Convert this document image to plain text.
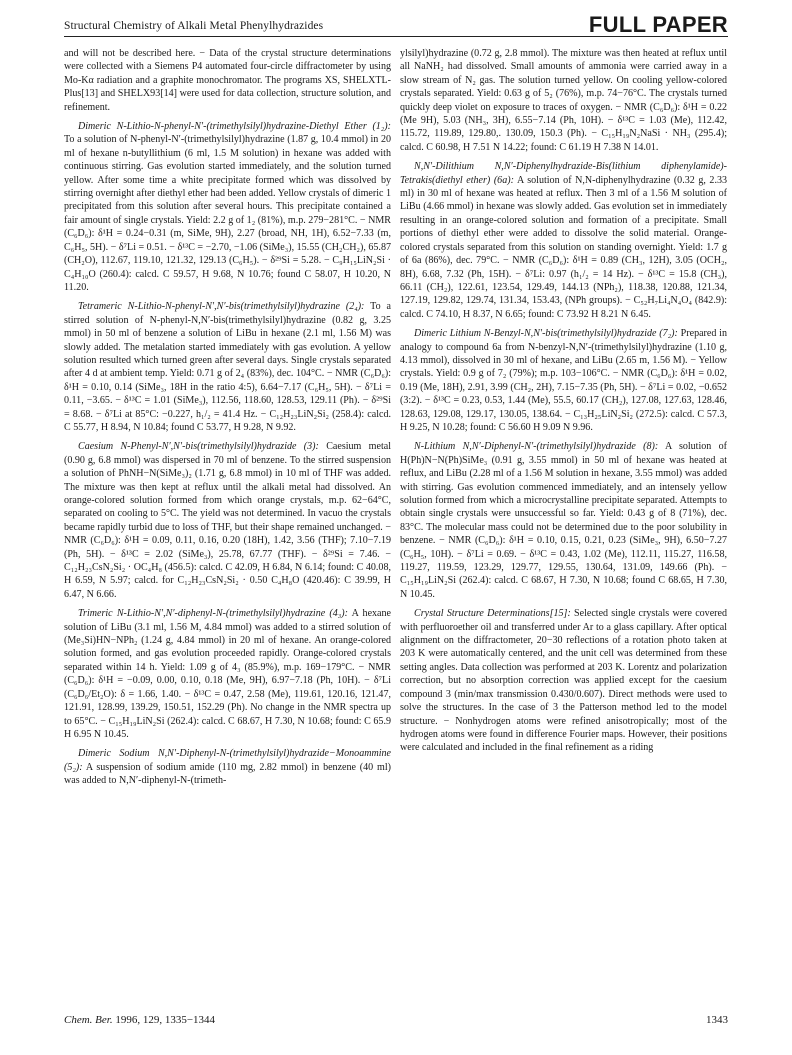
Structural Chemistry of Alkali Metal Phenylhydrazides	FULL PAPER

and will not be described here. − Data of the crystal structure determinations were collected with a Siemens P4 automated four-circle diffractometer by using Mo-Kα radiation and a graphite monochromator. The programs XS, SHELXTL-Plus[13] and SHELX93[14] were used for data collection, structure solution, and refinement.

Dimeric N-Lithio-N-phenyl-N′-(trimethylsilyl)hydrazine-Diethyl Ether (1₂): To a solution of N-phenyl-N′-(trimethylsilyl)hydrazine (1.87 g, 10.4 mmol) in 20 ml of hexane n-butyllithium (6 ml, 1.5 M solution) in hexane was added with continuous stirring. Gas evolution started immediately, and the solution turned yellow. After some time a white precipitate formed which was dissolved by stirring overnight after diethyl ether had been added. Yellow crystals of dimeric 1 precipitated from this solution after several hours. This precipitate contained a fair amount of single crystals. Yield: 2.2 g of 1₂ (81%), m.p. 279−281°C. − NMR (C₆D₆): δ¹H = 0.24−0.31 (m, SiMe, 9H), 2.27 (broad, NH, 1H), 6.52−7.33 (m, C₆H₅, 5H). − δ⁷Li = 0.51. − δ¹³C = −2.70, −1.06 (SiMe₃), 15.55 (CH₂CH₂), 65.87 (CH₂O), 112.67, 119.10, 121.32, 129.13 (C₆H₅). − δ²⁹Si = 5.28. − C₉H₁₅LiN₂Si · C₄H₁₀O (260.4): calcd. C 59.57, H 9.68, N 10.76; found C 58.07, H 10.20, N 11.20.

Tetrameric N-Lithio-N-phenyl-N′,N′-bis(trimethylsilyl)hydrazine (2₄): To a stirred solution of N-phenyl-N,N′-bis(trimethylsilyl)hydrazine (0.82 g, 3.25 mmol) in 50 ml of benzene a solution of LiBu in hexane (2.1 ml, 1.56 M) was slowly added. The metalation started immediately with gas evolution. A yellow solution resulted which turned green after several days. Single crystals separated after 4 d at ambient temp. Yield: 0.71 g of 2₄ (83%), dec. 104°C. − NMR (C₆D₆): δ¹H = 0.10, 0.14 (SiMe₃, 18H in the ratio 4:5), 6.64−7.17 (C₆H₅, 5H). − δ⁷Li = 0.11, −3.65. − δ¹³C = 1.01 (SiMe₃), 112.56, 118.60, 128.53, 129.11 (Ph). − δ²⁹Si = 8.68. − δ⁷Li at 85°C: −0.227, h₁/₂ = 41.4 Hz. − C₁₂H₂₃LiN₂Si₂ (258.4): calcd. C 55.77, H 8.94, N 10.84; found C 53.77, H 9.28, N 9.92.

Caesium N-Phenyl-N′,N′-bis(trimethylsilyl)hydrazide (3): Caesium metal (0.90 g, 6.8 mmol) was dispersed in 70 ml of benzene. To the stirred suspension a solution of PhNH−N(SiMe₃)₂ (1.71 g, 6.8 mmol) in 10 ml of THF was added. The mixture was then kept at reflux until the alkali metal had dissolved. An orange-colored solution formed from which orange crystals, m.p. 62−64°C, separated on cooling to 5°C. The yield was not determined. In vacuo the crystals became rapidly turbid due to loss of THF, but their shape remained unchanged. − NMR (C₆D₆): δ¹H = 0.09, 0.11, 0.16, 0.20 (18H), 1.42, 3.56 (THF); 7.10−7.19 (Ph, 5H). − δ¹³C = 2.02 (SiMe₃), 25.78, 67.77 (THF). − δ²⁹Si = 7.46. − C₁₂H₂₃CsN₂Si₂ · OC₄H₈ (456.5): calcd. C 42.09, H 6.84, N 6.14; found: C 40.08, H 6.59, N 5.97; calcd. for C₁₂H₂₃CsN₂Si₂ · 0.50 C₄H₈O (420.46): C 39.99, H 6.47, N 6.66.

Trimeric N-Lithio-N′,N′-diphenyl-N-(trimethylsilyl)hydrazine (4₃): A hexane solution of LiBu (3.1 ml, 1.56 M, 4.84 mmol) was added to a stirred solution of (Me₃Si)HN−NPh₂ (1.24 g, 4.84 mmol) in 20 ml of hexane. An orange-colored solution formed, and gas evolution proceeded rapidly. Orange-colored crystals separated within 14 h. Yield: 1.09 g of 4₃ (85.9%), m.p. 169−179°C. − NMR (C₆D₆): δ¹H = −0.09, 0.00, 0.10, 0.18 (Me, 9H), 6.97−7.18 (Ph, 10H). − δ⁷Li (C₆D₆/Et₂O): δ = 1.66, 1.40. − δ¹³C = 0.47, 2.58 (Me), 119.61, 120.16, 121.47, 121.91, 128.99, 139.29, 150.51, 152.29 (Ph). No change in the NMR spectra up to 65°C. − C₁₅H₁₉LiN₂Si (262.4): calcd. C 68.67, H 7.30, N 10.68; found: C 65.9 H 6.95 N 10.45.

Dimeric Sodium N,N′-Diphenyl-N-(trimethylsilyl)hydrazide−Monoammine (5₂): A suspension of sodium amide (110 mg, 2.82 mmol) in benzene (40 ml) was added to N,N′-diphenyl-N-(trimeth-

ylsilyl)hydrazine (0.72 g, 2.8 mmol). The mixture was then heated at reflux until all NaNH₂ had dissolved. Small amounts of ammonia were carried away in a slow stream of N₂ gas. The solution turned yellow. On cooling yellow-colored crystals separated. Yield: 0.63 g of 5₂ (76%), m.p. 74−76°C. The crystals turned quickly deep violet on exposure to traces of oxygen. − NMR (C₆D₆): δ¹H = 0.22 (Me 9H), 5.03 (NH₃, 3H), 6.55−7.14 (Ph, 10H). − δ¹³C = 1.03 (Me), 112.42, 115.72, 119.89, 129.80,. 130.09, 150.3 (Ph). − C₁₅H₁₉N₂NaSi · NH₃ (295.4); calcd. C 60.98, H 7.51 N 14.22; found: C 61.19 H 7.38 N 14.01.

N,N′-Dilithium N,N′-Diphenylhydrazide-Bis(lithium diphenylamide)-Tetrakis(diethyl ether) (6a): A solution of N,N-diphenylhydrazine (0.32 g, 2.33 ml) in 30 ml of hexane was heated at reflux. Then 3 ml of a 1.56 M solution of LiBu (4.66 mmol) in hexane was slowly added. Gas evolution set in immediately resulting in an orange-colored solution and formation of a precipitate. Small portions of diethyl ether were added to dissolve the solid material. Orange-colored crystals separated from this solution on standing overnight. Yield: 1.7 g of 6a (86%), dec. 79°C. − NMR (C₆D₆): δ¹H = 0.89 (CH₃, 12H), 3.05 (OCH₂, 8H), 6.68, 7.32 (Ph, 15H). − δ⁷Li: 0.97 (h₁/₂ = 14 Hz). − δ¹³C = 15.8 (CH₃), 66.11 (CH₂), 122.61, 123.54, 129.49, 144.13 (NPh₂), 118.38, 120.88, 121.34, 127.19, 129.82, 129.74, 131.34, 153.43, (NPh groups). − C₅₂H₇Li₄N₄O₄ (842.9): calcd. C 74.10, H 8.37, N 6.65; found: C 73.92 H 8.21 N 6.45.

Dimeric Lithium N-Benzyl-N,N′-bis(trimethylsilyl)hydrazide (7₂): Prepared in analogy to compound 6a from N-benzyl-N,N′-(trimethylsilyl)hydrazine (1.10 g, 4.13 mmol), dissolved in 30 ml of hexane, and LiBu (2.65 m, 1.56 M). − Yellow crystals. Yield: 0.9 g of 7₂ (79%); m.p. 103−106°C. − NMR (C₆D₆): δ¹H = 0.02, 0.19 (Me, 18H), 2.91, 3.99 (CH₂, 2H), 7.15−7.35 (Ph, 5H). − δ⁷Li = 0.02, −0.652 (3:2). − δ¹³C = 0.23, 0.53, 1.44 (Me), 55.5, 60.17 (CH₂), 127.08, 127.63, 128.46, 128.63, 129.08, 129.17, 130.05, 138.64. − C₁₃H₂₅LiN₂Si₂ (272.5): calcd. C 57.3, H 9.25, N 10.28; found: C 56.60 H 9.09 N 9.96.

N-Lithium N,N′-Diphenyl-N′-(trimethylsilyl)hydrazide (8): A solution of H(Ph)N−N(Ph)SiMe₃ (0.91 g, 3.55 mmol) in 50 ml of hexane was heated at reflux, and LiBu (2.28 ml of a 1.56 M solution in hexane, 3.55 mmol) was added with stirring. Gas evolution commenced immediately, and an intensely yellow solution formed from which a microcrystalline precipitate separated. Attempts to obtain single crystals were unsuccessful so far. Yield: 0.43 g of 8 (71%), dec. 83°C. The molecular mass could not be determined due to the poor solubility in benzene. − NMR (C₆D₆): δ¹H = 0.10, 0.15, 0.21, 0.23 (SiMe₃, 9H), 6.50−7.27 (C₆H₅, 10H). − δ⁷Li = 0.69. − δ¹³C = 0.43, 1.02 (Me), 112.11, 115.27, 116.58, 119.27, 119.59, 123.29, 129.77, 129.55, 130.64, 131.09, 149.66 (Ph). − C₁₅H₁₉LiN₂Si (262.4): calcd. C 68.67, H 7.30, N 10.68; found C 68.65, H 7.30, N 10.45.

Crystal Structure Determinations[15]: Selected single crystals were covered with perfluoroether oil and transferred under Ar to a glass capillary. After optical alignment on the diffractometer, 20−30 reflections of a rotation photo taken at 203 K were automatically centered, and the unit cell was determined from these setting angles. Data collection was performed at 203 K. Lorentz and polarization correction, but no absorption correction was applied except for the caesium compound 3 (min/max transmission 0.430/0.607). Direct methods were used to solve the structures. In the case of 3 the Patterson method led to the model structure. − Nonhydrogen atoms were refined anisotropically; most of the hydrogen atoms were found in difference Fourier maps. However, their positions were calculated and included in the final refinement as a riding

Chem. Ber. 1996, 129, 1335−1344	1343
